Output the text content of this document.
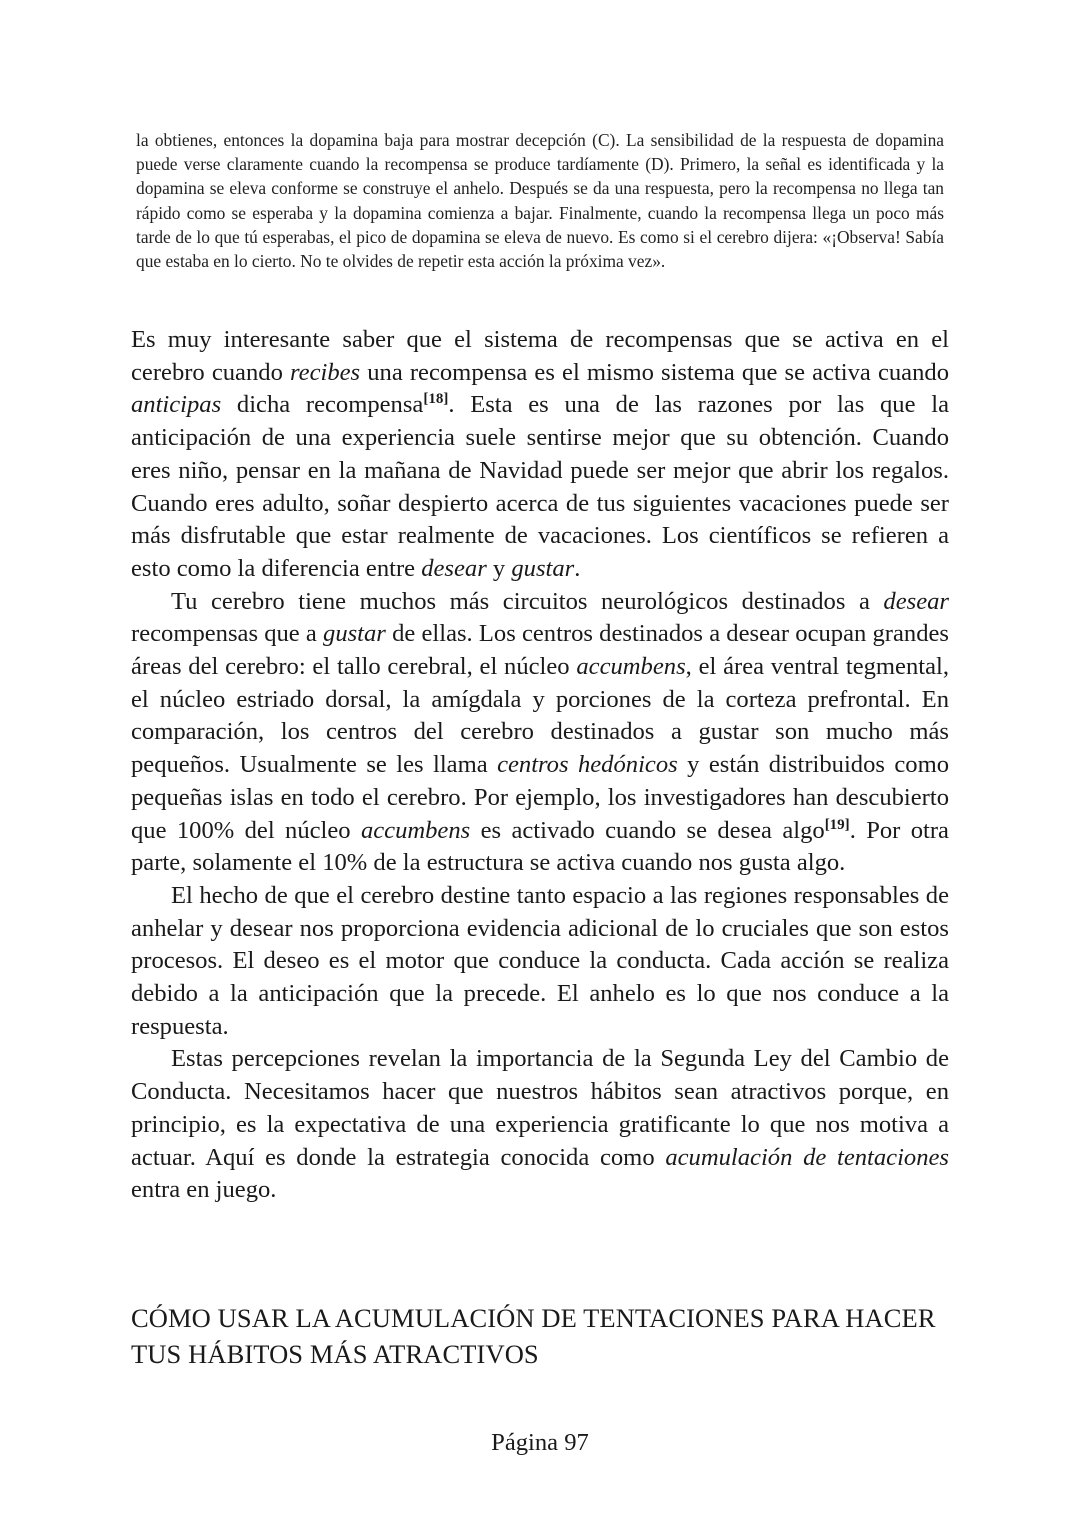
la obtienes, entonces la dopamina baja para mostrar decepción (C). La sensibilidad de la respuesta de dopamina puede verse claramente cuando la recompensa se produce tardíamente (D). Primero, la señal es identificada y la dopamina se eleva conforme se construye el anhelo. Después se da una respuesta, pero la recompensa no llega tan rápido como se esperaba y la dopamina comienza a bajar. Finalmente, cuando la recompensa llega un poco más tarde de lo que tú esperabas, el pico de dopamina se eleva de nuevo. Es como si el cerebro dijera: «¡Observa! Sabía que estaba en lo cierto. No te olvides de repetir esta acción la próxima vez».

Es muy interesante saber que el sistema de recompensas que se activa en el cerebro cuando recibes una recompensa es el mismo sistema que se activa cuando anticipas dicha recompensa[18]. Esta es una de las razones por las que la anticipación de una experiencia suele sentirse mejor que su obtención. Cuando eres niño, pensar en la mañana de Navidad puede ser mejor que abrir los regalos. Cuando eres adulto, soñar despierto acerca de tus siguientes vacaciones puede ser más disfrutable que estar realmente de vacaciones. Los científicos se refieren a esto como la diferencia entre desear y gustar.

Tu cerebro tiene muchos más circuitos neurológicos destinados a desear recompensas que a gustar de ellas. Los centros destinados a desear ocupan grandes áreas del cerebro: el tallo cerebral, el núcleo accumbens, el área ventral tegmental, el núcleo estriado dorsal, la amígdala y porciones de la corteza prefrontal. En comparación, los centros del cerebro destinados a gustar son mucho más pequeños. Usualmente se les llama centros hedónicos y están distribuidos como pequeñas islas en todo el cerebro. Por ejemplo, los investigadores han descubierto que 100% del núcleo accumbens es activado cuando se desea algo[19]. Por otra parte, solamente el 10% de la estructura se activa cuando nos gusta algo.

El hecho de que el cerebro destine tanto espacio a las regiones responsables de anhelar y desear nos proporciona evidencia adicional de lo cruciales que son estos procesos. El deseo es el motor que conduce la conducta. Cada acción se realiza debido a la anticipación que la precede. El anhelo es lo que nos conduce a la respuesta.

Estas percepciones revelan la importancia de la Segunda Ley del Cambio de Conducta. Necesitamos hacer que nuestros hábitos sean atractivos porque, en principio, es la expectativa de una experiencia gratificante lo que nos motiva a actuar. Aquí es donde la estrategia conocida como acumulación de tentaciones entra en juego.

CÓMO USAR LA ACUMULACIÓN DE TENTACIONES PARA HACER
TUS HÁBITOS MÁS ATRACTIVOS
Página 97
